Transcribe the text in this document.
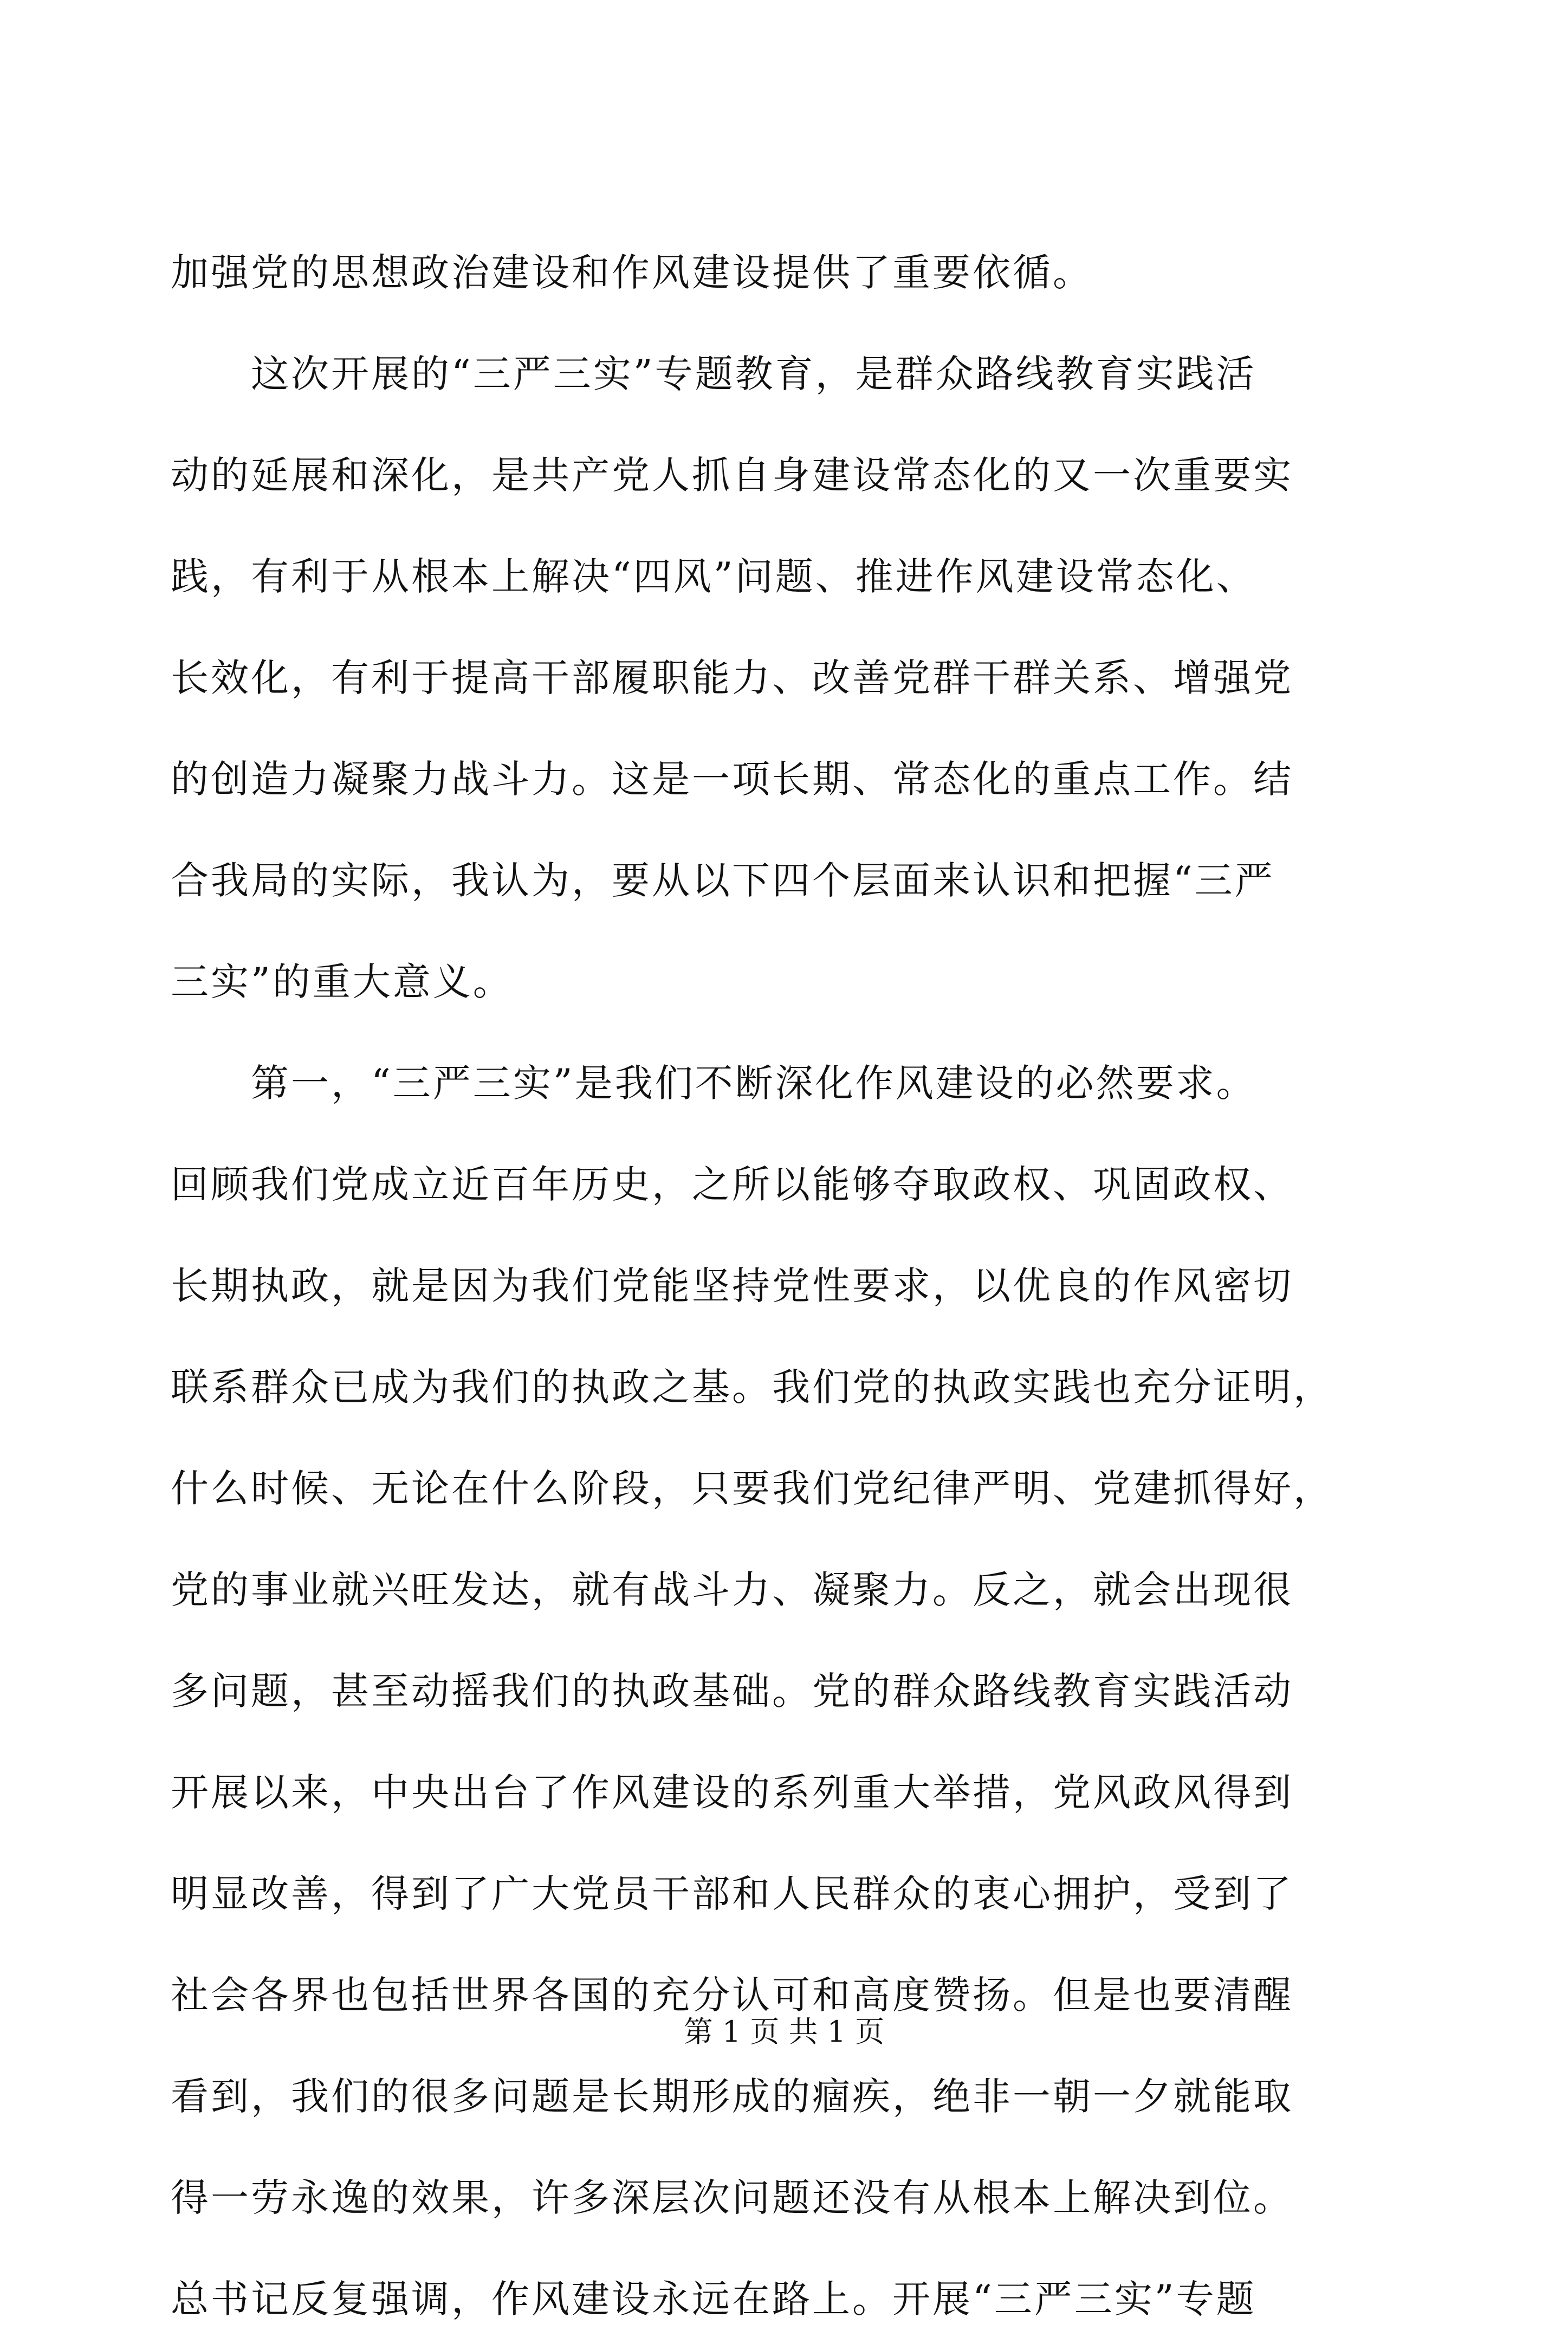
加强党的思想政治建设和作风建设提供了重要依循。
　　这次开展的“三严三实”专题教育，是群众路线教育实践活
动的延展和深化，是共产党人抓自身建设常态化的又一次重要实
践，有利于从根本上解决“四风”问题、推进作风建设常态化、
长效化，有利于提高干部履职能力、改善党群干群关系、增强党
的创造力凝聚力战斗力。这是一项长期、常态化的重点工作。结
合我局的实际，我认为，要从以下四个层面来认识和把握“三严
三实”的重大意义。
　　第一，“三严三实”是我们不断深化作风建设的必然要求。
回顾我们党成立近百年历史，之所以能够夺取政权、巩固政权、
长期执政，就是因为我们党能坚持党性要求，以优良的作风密切
联系群众已成为我们的执政之基。我们党的执政实践也充分证明，
什么时候、无论在什么阶段，只要我们党纪律严明、党建抓得好，
党的事业就兴旺发达，就有战斗力、凝聚力。反之，就会出现很
多问题，甚至动摇我们的执政基础。党的群众路线教育实践活动
开展以来，中央出台了作风建设的系列重大举措，党风政风得到
明显改善，得到了广大党员干部和人民群众的衷心拥护，受到了
社会各界也包括世界各国的充分认可和高度赞扬。但是也要清醒
看到，我们的很多问题是长期形成的痼疾，绝非一朝一夕就能取
得一劳永逸的效果，许多深层次问题还没有从根本上解决到位。
总书记反复强调，作风建设永远在路上。开展“三严三实”专题
第 1 页 共 1 页
